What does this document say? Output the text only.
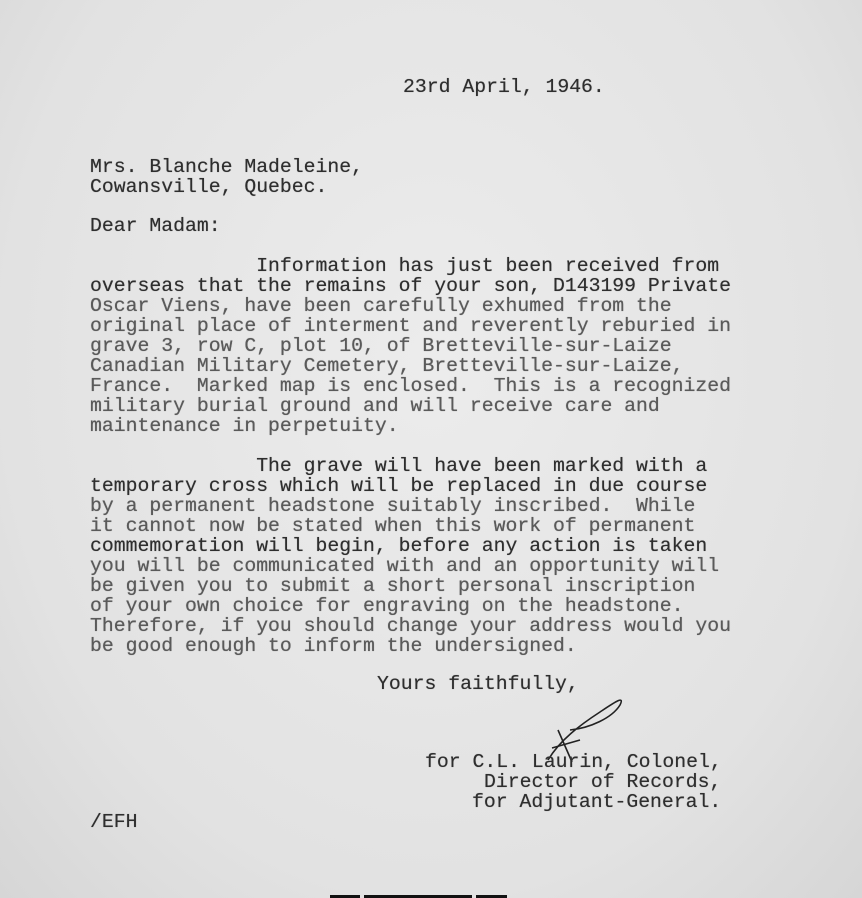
23rd April, 1946.
Mrs. Blanche Madeleine,
Cowansville, Quebec.
Dear Madam:
Information has just been received from
overseas that the remains of your son, D143199 Private
Oscar Viens, have been carefully exhumed from the
original place of interment and reverently reburied in
grave 3, row C, plot 10, of Bretteville-sur-Laize
Canadian Military Cemetery, Bretteville-sur-Laize,
France.  Marked map is enclosed.  This is a recognized
military burial ground and will receive care and
maintenance in perpetuity.
The grave will have been marked with a
temporary cross which will be replaced in due course
by a permanent headstone suitably inscribed.  While
it cannot now be stated when this work of permanent
commemoration will begin, before any action is taken
you will be communicated with and an opportunity will
be given you to submit a short personal inscription
of your own choice for engraving on the headstone.
Therefore, if you should change your address would you
be good enough to inform the undersigned.
Yours faithfully,
for C.L. Laurin, Colonel,
Director of Records,
for Adjutant-General.
/EFH
